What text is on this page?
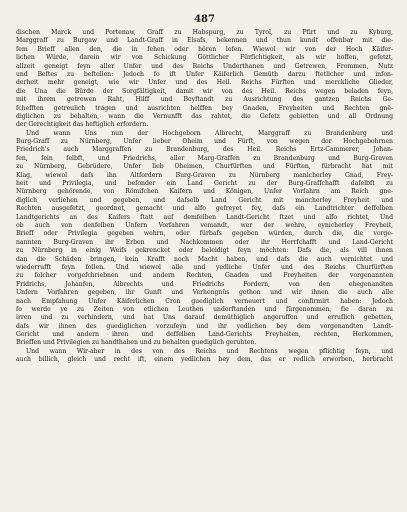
487
dischen Marck und Portenaw, Graff zu Habspurg, zu Tyrol, zu Pfirt und zu Kyburg,
Marggraff zu Burgaw und Landt-Graff in Elsafs, bekennen und thun kundt offenbar mit die-
fem Brieff allen den, die in fehen oder hören lefen. Wiewol wir von der Hoch Käifer-
lichen Würde, darein wir von Schickung Göttlicher Fürfichtigkeit, als wir hoffen, gefetzt,
allzeit geneigt feyn aller Unfer und des Reichs Underthanen und Getrewen, Frommen, Nutz
und Beftes zu beftellen: Jedoch fo ift Unfer Käiferlich Gemüth darzu ftetlicher und infon-
derheit mehr geneigt, wie wir Unfer und des Heil. Reichs Fürften und merckliche Glieder,
die Una die Bürde der Sorgfältigkeit, damit wir von des Heil. Reichs wegen beladen feyn,
mit ihrem getrewen Raht, Hilff und Beyftandt zu Ausrichtung des gantzen Reichs Ge-
fchefften getreulich tragen und ausrichten helffen bey Gnaden, Freyheiten und Rechten gnë-
diglichen zu behalten, wann die Vernunfft das rahtet, die Gefetz gebietten und all Ordnung
der Gerechtigkeit das heftiglich erfordern.
Und wann Uns nun der Hochgeborn Albrecht, Marggraff zu Brandenburg und
Burg-Graff zu Nürnberg, Unfer lieber Oheim und Fürft, von wegen der Hochgebohrnen
Friedrich's auch Marggraffen zu Brandenburg, des Heil. Reichs Ertz-Cammerer, Johan-
fen, fein felbft, und Friedrichs, aller Marg-Graffen zu Brandenburg und Burg-Graven
zu Nürnberg, Gebrüdere, Unfer lieb Oheimen, Churfürften und Fürften, fürbracht hat mit
Klag, wiewol dafs ihn Altfordern Burg-Graven zu Nürnberg manicherley Gnad, Frey-
heit und Privilegia, und befonder ein Land Gericht zu der Burg-Graffchafft dafelbft zu
Nürnberg gehörende, von Römifchen Kaifern und Königen, Unfer Vorfahrn am Reich gne-
diglich verliehen und gegeben, und dafselb Land Gericht mit mancherley Freyheit und
Rechten ausgefetzt, geordnet, gemacht und alfo gefreyet fey, dafs ein Landtrichter deffelben
Landtgerichts an des Kaifers ftatt auf demfelben Landt-Gericht ftzet und alfo richtet, Und
ob auch von denfelben Unfern Vorfahren vemandt, wer der wehre, eynicherley Freyheit,
Brieff oder Privilegia gegeben wehrn, oder fürbafs gegeben würden, durch die, die vorge-
nannten Burg-Graven ihr Erben und Nachkommen oder ihr Herrfchafft und Land-Gericht
zu Nürnberg in einig Weifs gekrencket oder beleidigt feyn möchten: Dafs die, als vill ihnen
dan die Schäden bringen, kein Krafft noch Macht haben, und dafs die auch vernichtet und
wiederrufft feyn follen. Und wiewol alle und yedliche Unfer und des Reichs Churfürften
zu folcher vorgefchriebnen und andern Rechten, Gnaden und Freyheiten der vorgenannten
Fridrichs, Johanfen, Albrechts und Friedrichs Fordern, von den ehegenandten
Unfern Vorfahren gegeben, ihr Gunft und Verhengnüs gethon und wir ihnen die auch alle
nach Empfahung Unfer Käiferlichen Cron guediglich verneuert und confirmirt haben: Jedoch
fo werde ye zu Zeiten von etlichen Leuthen underftanden und fürgenommen, fie daran zu
irren und zu verhindern, und hat Uns darauf demüthiglich angeruffen und erruflich gebetten,
dafs wir ihnen des guediglichen vorzufeyn und ihr yedlichen bey dem vorgenandten Landt-
Gericht und andern ihren und deffelben Land-Gerichts Freyheiten, rechten, Herkommen,
Brieffen und Privilegien zu handthaben und zu behalten guediglich geruhten.
Und wann Wir-aber in des von des Reichs und Rechtens wegen pflichtig feyn, und
auch billich, gleich und recht ift, einem yedlichen bey dem, das er redlich erworben, herbracht
